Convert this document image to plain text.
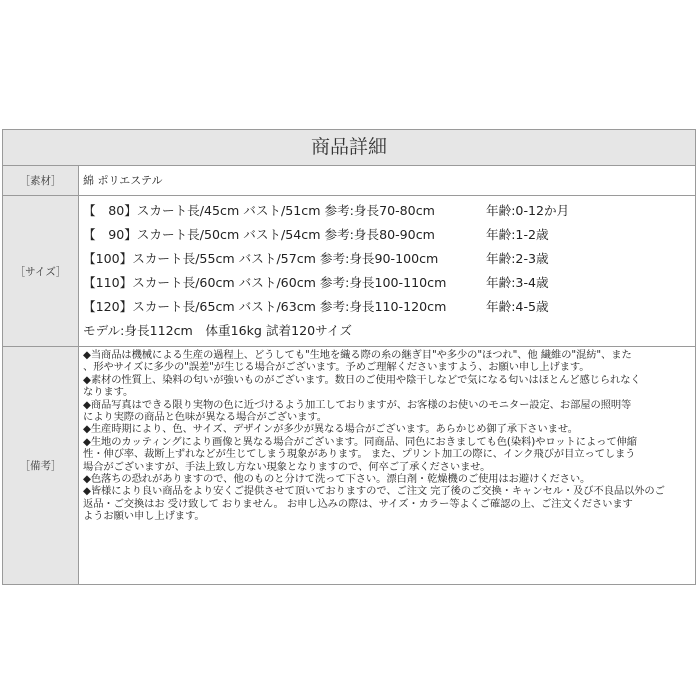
商品詳細
［素材］	綿 ポリエステル
［サイズ］
【　80】スカート長/45cm バスト/51cm 参考:身長70-80cm	年齢:0-12か月
【　90】スカート長/50cm バスト/54cm 参考:身長80-90cm	年齢:1-2歳
【100】スカート長/55cm バスト/57cm 参考:身長90-100cm	年齢:2-3歳
【110】スカート長/60cm バスト/60cm 参考:身長100-110cm	年齢:3-4歳
【120】スカート長/65cm バスト/63cm 参考:身長110-120cm	年齢:4-5歳
モデル:身長112cm　体重16kg 試着120サイズ
［備考］
◆当商品は機械による生産の過程上、どうしても"生地を織る際の糸の継ぎ目"や多少の"ほつれ"、他 繊維の"混紡"、また
、形やサイズに多少の"誤差"が生じる場合がございます。予めご理解くださいますよう、お願い申し上げます。
◆素材の性質上、染料の匂いが強いものがございます。数日のご使用や陰干しなどで気になる匂いはほとんど感じられなく
なります。
◆商品写真はできる限り実物の色に近づけるよう加工しておりますが、お客様のお使いのモニター設定、お部屋の照明等
により実際の商品と色味が異なる場合がございます。
◆生産時期により、色、サイズ、デザインが多少が異なる場合がございます。あらかじめ御了承下さいませ。
◆生地のカッティングにより画像と異なる場合がございます。同商品、同色におきましても色(染料)やロットによって伸縮
性・伸び率、裁断上ずれなどが生じてしまう現象があります。 また、プリント加工の際に、インク飛びが目立ってしまう
場合がございますが、手法上致し方ない現象となりますので、何卒ご了承くださいませ。
◆色落ちの恐れがありますので、他のものと分けて洗って下さい。漂白剤・乾燥機のご使用はお避けください。
◆皆様により良い商品をより安くご提供させて頂いておりますので、ご注文 完了後のご交換・キャンセル・及び不良品以外のご
返品・ご交換はお 受け致して おりません。 お申し込みの際は、サイズ・カラー等よくご確認の上、ご注文くださいます
ようお願い申し上げます。
